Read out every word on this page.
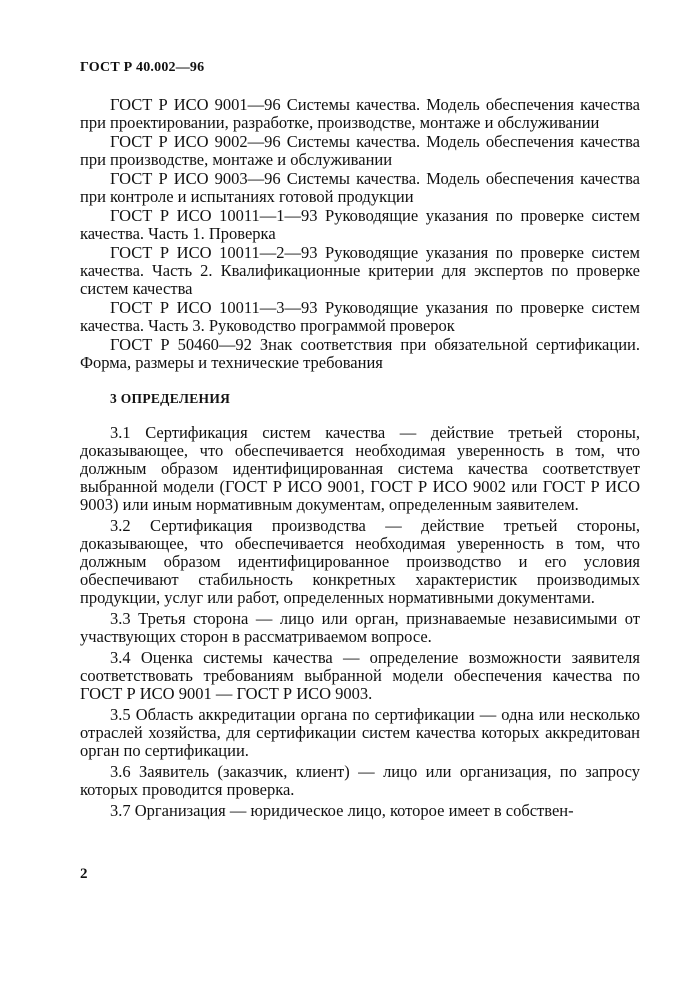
ГОСТ Р 40.002—96

ГОСТ Р ИСО 9001—96 Системы качества. Модель обеспечения качества при проектировании, разработке, производстве, монтаже и обслуживании

ГОСТ Р ИСО 9002—96 Системы качества. Модель обеспечения качества при производстве, монтаже и обслуживании

ГОСТ Р ИСО 9003—96 Системы качества. Модель обеспечения качества при контроле и испытаниях готовой продукции

ГОСТ Р ИСО 10011—1—93 Руководящие указания по проверке систем качества. Часть 1. Проверка

ГОСТ Р ИСО 10011—2—93 Руководящие указания по проверке систем качества. Часть 2. Квалификационные критерии для экспертов по проверке систем качества

ГОСТ Р ИСО 10011—3—93 Руководящие указания по проверке систем качества. Часть 3. Руководство программой проверок

ГОСТ Р 50460—92 Знак соответствия при обязательной сертификации. Форма, размеры и технические требования

3 ОПРЕДЕЛЕНИЯ

3.1 Сертификация систем качества — действие третьей стороны, доказывающее, что обеспечивается необходимая уверенность в том, что должным образом идентифицированная система качества соответствует выбранной модели (ГОСТ Р ИСО 9001, ГОСТ Р ИСО 9002 или ГОСТ Р ИСО 9003) или иным нормативным документам, определенным заявителем.

3.2 Сертификация производства — действие третьей стороны, доказывающее, что обеспечивается необходимая уверенность в том, что должным образом идентифицированное производство и его условия обеспечивают стабильность конкретных характеристик производимых продукции, услуг или работ, определенных нормативными документами.

3.3 Третья сторона — лицо или орган, признаваемые независимыми от участвующих сторон в рассматриваемом вопросе.

3.4 Оценка системы качества — определение возможности заявителя соответствовать требованиям выбранной модели обеспечения качества по ГОСТ Р ИСО 9001 — ГОСТ Р ИСО 9003.

3.5 Область аккредитации органа по сертификации — одна или несколько отраслей хозяйства, для сертификации систем качества которых аккредитован орган по сертификации.

3.6 Заявитель (заказчик, клиент) — лицо или организация, по запросу которых проводится проверка.

3.7 Организация — юридическое лицо, которое имеет в собствен-

2
